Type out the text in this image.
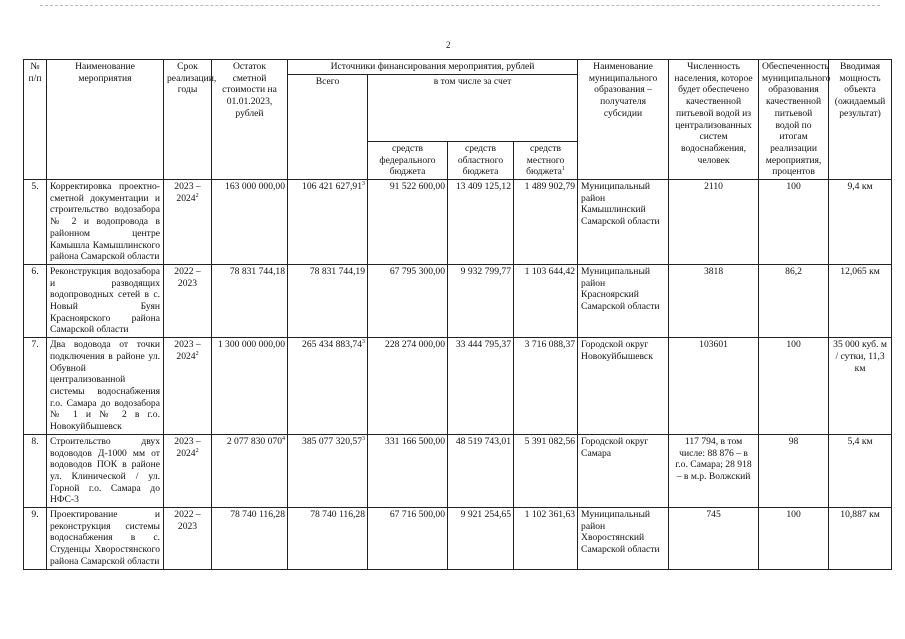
2
№ п/п	Наименование мероприятия	Срок реализации, годы	Остаток сметной стоимости на 01.01.2023, рублей	Источники финансирования мероприятия, рублей				Наименование муниципального образования – получателя субсидии	Численность населения, которое будет обеспечено качественной питьевой водой из централизованных систем водоснабжения, человек	Обеспеченность муниципального образования качественной питьевой водой по итогам реализации мероприятия, процентов	Вводимая мощность объекта (ожидаемый результат)
				Всего	в том числе за счет						
					средств федерального бюджета	средств областного бюджета	средств местного бюджета$^1$
5.	Корректировка проектно-сметной документации и строительство водозабора № 2 и водопровода в районном центре Камышла Камышлинского района Самарской области	2023 – 2024$^2$	163 000 000,00	106 421 627,91$^3$	91 522 600,00	13 409 125,12	1 489 902,79	Муниципальный район Камышлинский Самарской области	2110	100	9,4 км
6.	Реконструкция водозабора и разводящих водопроводных сетей в с. Новый Буян Красноярского района Самарской области	2022 – 2023	78 831 744,18	78 831 744,19	67 795 300,00	9 932 799,77	1 103 644,42	Муниципальный район Красноярский Самарской области	3818	86,2	12,065 км
7.	Два водовода от точки подключения в районе ул. Обувной централизованной системы водоснабжения г.о. Самара до водозабора № 1 и № 2 в г.о. Новокуйбышевск	2023 – 2024$^2$	1 300 000 000,00	265 434 883,74$^3$	228 274 000,00	33 444 795,37	3 716 088,37	Городской округ Новокуйбышевск	103601	100	35 000 куб. м / сутки, 11,3 км
8.	Строительство двух водоводов Д-1000 мм от водоводов ПОК в районе ул. Клинической / ул. Горной г.о. Самара до НФС-3	2023 – 2024$^2$	2 077 830 $070^4$	385 077 320,57$^3$	331 166 500,00	48 519 743,01	5 391 082,56	Городской округ Самара	117 794, в том числе: 88 876 – в г.о. Самара; 28 918 – в м.р. Волжский	98	5,4 км
9.	Проектирование и реконструкция системы водоснабжения в с. Студенцы Хворостянского района Самарской области	2022 – 2023	78 740 116,28	78 740 116,28	67 716 500,00	9 921 254,65	1 102 361,63	Муниципальный район Хворостянский Самарской области	745	100	10,887 км
